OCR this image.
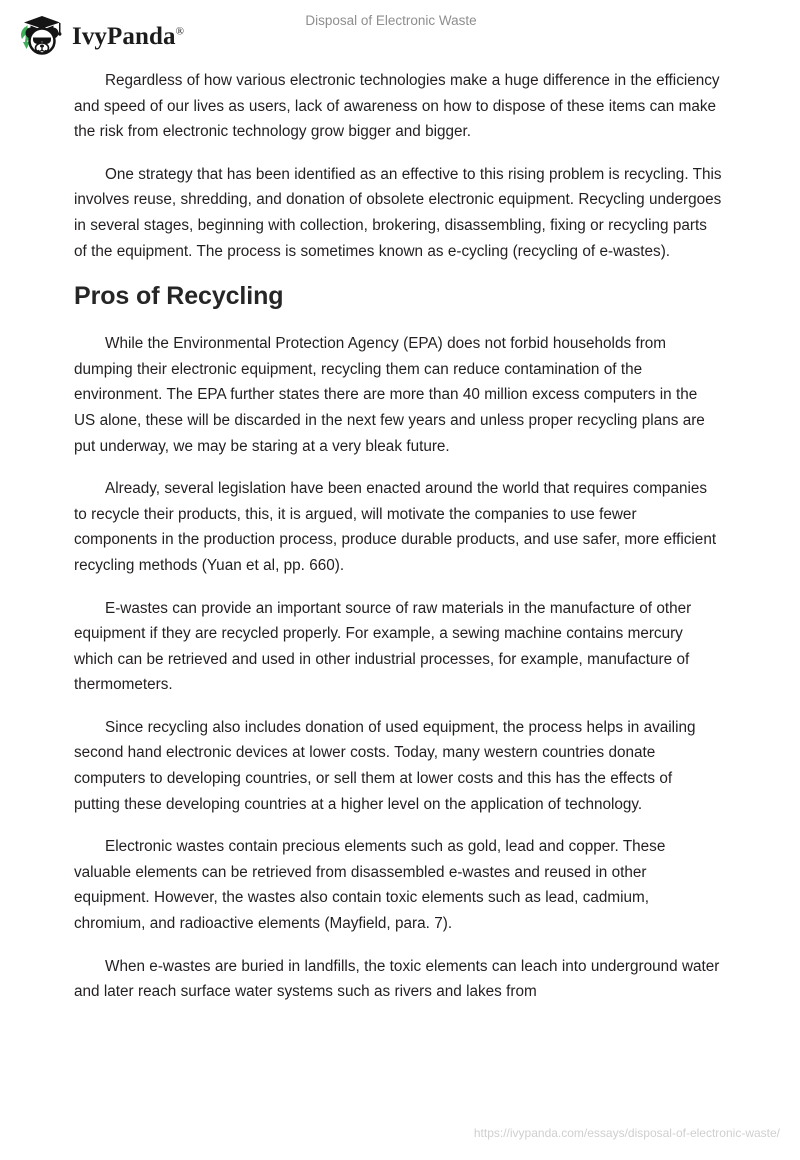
IvyPanda®
Disposal of Electronic Waste

Regardless of how various electronic technologies make a huge difference in the efficiency and speed of our lives as users, lack of awareness on how to dispose of these items can make the risk from electronic technology grow bigger and bigger.

One strategy that has been identified as an effective to this rising problem is recycling. This involves reuse, shredding, and donation of obsolete electronic equipment. Recycling undergoes in several stages, beginning with collection, brokering, disassembling, fixing or recycling parts of the equipment. The process is sometimes known as e-cycling (recycling of e-wastes).

Pros of Recycling

While the Environmental Protection Agency (EPA) does not forbid households from dumping their electronic equipment, recycling them can reduce contamination of the environment. The EPA further states there are more than 40 million excess computers in the US alone, these will be discarded in the next few years and unless proper recycling plans are put underway, we may be staring at a very bleak future.

Already, several legislation have been enacted around the world that requires companies to recycle their products, this, it is argued, will motivate the companies to use fewer components in the production process, produce durable products, and use safer, more efficient recycling methods (Yuan et al, pp. 660).

E-wastes can provide an important source of raw materials in the manufacture of other equipment if they are recycled properly. For example, a sewing machine contains mercury which can be retrieved and used in other industrial processes, for example, manufacture of thermometers.

Since recycling also includes donation of used equipment, the process helps in availing second hand electronic devices at lower costs. Today, many western countries donate computers to developing countries, or sell them at lower costs and this has the effects of putting these developing countries at a higher level on the application of technology.

Electronic wastes contain precious elements such as gold, lead and copper. These valuable elements can be retrieved from disassembled e-wastes and reused in other equipment. However, the wastes also contain toxic elements such as lead, cadmium, chromium, and radioactive elements (Mayfield, para. 7).

When e-wastes are buried in landfills, the toxic elements can leach into underground water and later reach surface water systems such as rivers and lakes from

https://ivypanda.com/essays/disposal-of-electronic-waste/
